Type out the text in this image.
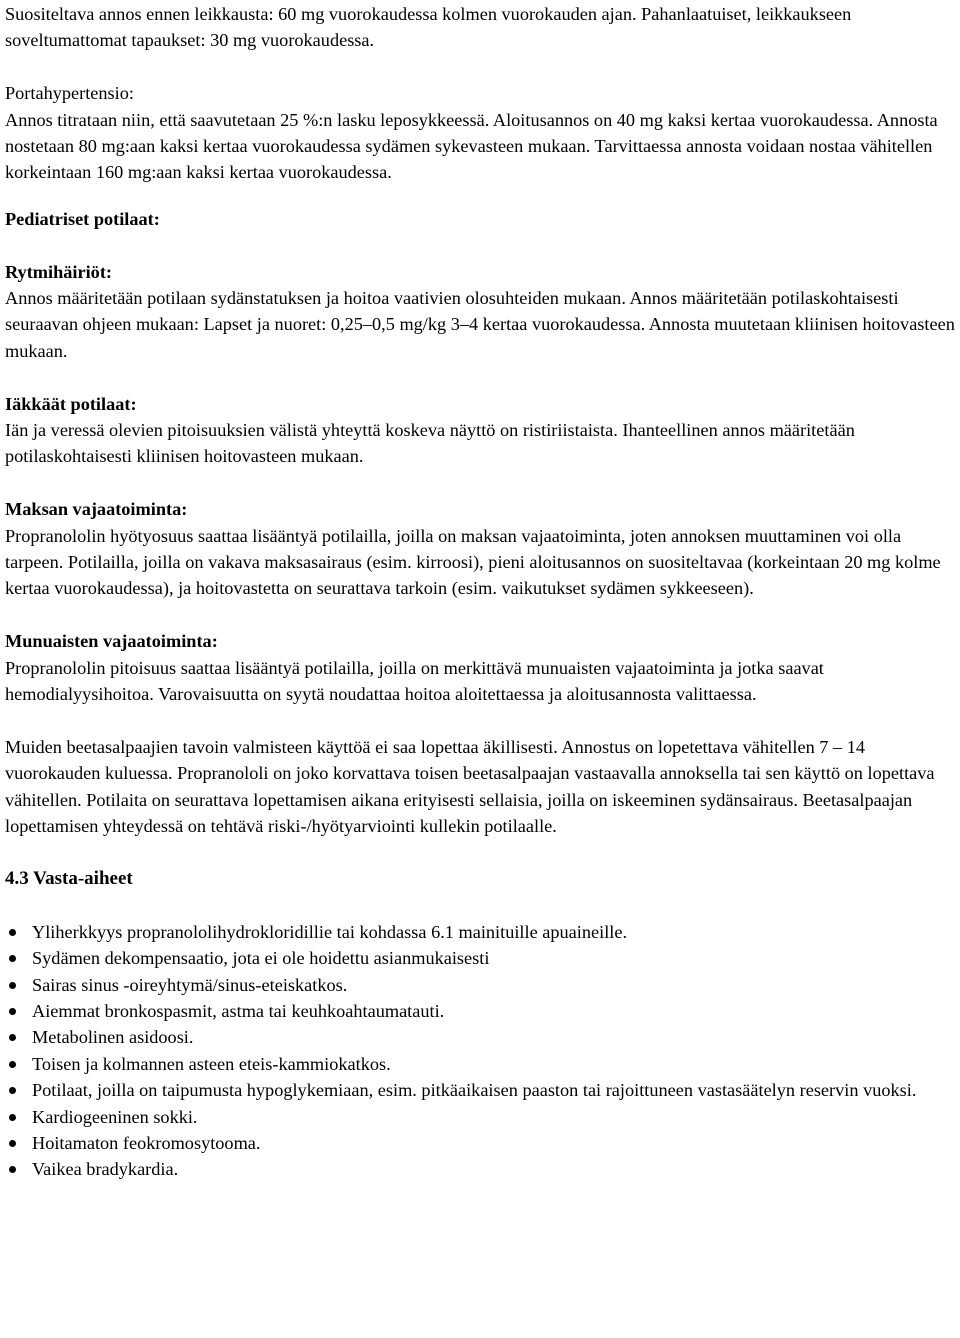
Suositeltava annos ennen leikkausta: 60 mg vuorokaudessa kolmen vuorokauden ajan. Pahanlaatuiset, leikkaukseen soveltumattomat tapaukset: 30 mg vuorokaudessa.

Portahypertensio:

Annos titrataan niin, että saavutetaan 25 %:n lasku leposykkeessä. Aloitusannos on 40 mg kaksi kertaa vuorokaudessa. Annosta nostetaan 80 mg:aan kaksi kertaa vuorokaudessa sydämen sykevasteen mukaan. Tarvittaessa annosta voidaan nostaa vähitellen korkeintaan 160 mg:aan kaksi kertaa vuorokaudessa.

Pediatriset potilaat:

Rytmihäiriöt:

Annos määritetään potilaan sydänstatuksen ja hoitoa vaativien olosuhteiden mukaan. Annos määritetään potilaskohtaisesti seuraavan ohjeen mukaan: Lapset ja nuoret: 0,25–0,5 mg/kg 3–4 kertaa vuorokaudessa. Annosta muutetaan kliinisen hoitovasteen mukaan.

Iäkkäät potilaat:

Iän ja veressä olevien pitoisuuksien välistä yhteyttä koskeva näyttö on ristiriistaista. Ihanteellinen annos määritetään potilaskohtaisesti kliinisen hoitovasteen mukaan.

Maksan vajaatoiminta:

Propranololin hyötyosuus saattaa lisääntyä potilailla, joilla on maksan vajaatoiminta, joten annoksen muuttaminen voi olla tarpeen. Potilailla, joilla on vakava maksasairaus (esim. kirroosi), pieni aloitusannos on suositeltavaa (korkeintaan 20 mg kolme kertaa vuorokaudessa), ja hoitovastetta on seurattava tarkoin (esim. vaikutukset sydämen sykkeeseen).

Munuaisten vajaatoiminta:

Propranololin pitoisuus saattaa lisääntyä potilailla, joilla on merkittävä munuaisten vajaatoiminta ja jotka saavat hemodialyysihoitoa. Varovaisuutta on syytä noudattaa hoitoa aloitettaessa ja aloitusannosta valittaessa.

Muiden beetasalpaajien tavoin valmisteen käyttöä ei saa lopettaa äkillisesti. Annostus on lopetettava vähitellen 7 – 14 vuorokauden kuluessa. Propranololi on joko korvattava toisen beetasalpaajan vastaavalla annoksella tai sen käyttö on lopettava vähitellen. Potilaita on seurattava lopettamisen aikana erityisesti sellaisia, joilla on iskeeminen sydänsairaus. Beetasalpaajan lopettamisen yhteydessä on tehtävä riski-/hyötyarviointi kullekin potilaalle.

4.3 Vasta-aiheet

Yliherkkyys propranololihydrokloridillie tai kohdassa 6.1 mainituille apuaineille.
Sydämen dekompensaatio, jota ei ole hoidettu asianmukaisesti
Sairas sinus -oireyhtymä/sinus-eteiskatkos.
Aiemmat bronkospasmit, astma tai keuhkoahtaumatauti.
Metabolinen asidoosi.
Toisen ja kolmannen asteen eteis-kammiokatkos.
Potilaat, joilla on taipumusta hypoglykemiaan, esim. pitkäaikaisen paaston tai rajoittuneen vastasäätelyn reservin vuoksi.
Kardiogeeninen sokki.
Hoitamaton feokromosytooma.
Vaikea bradykardia.
